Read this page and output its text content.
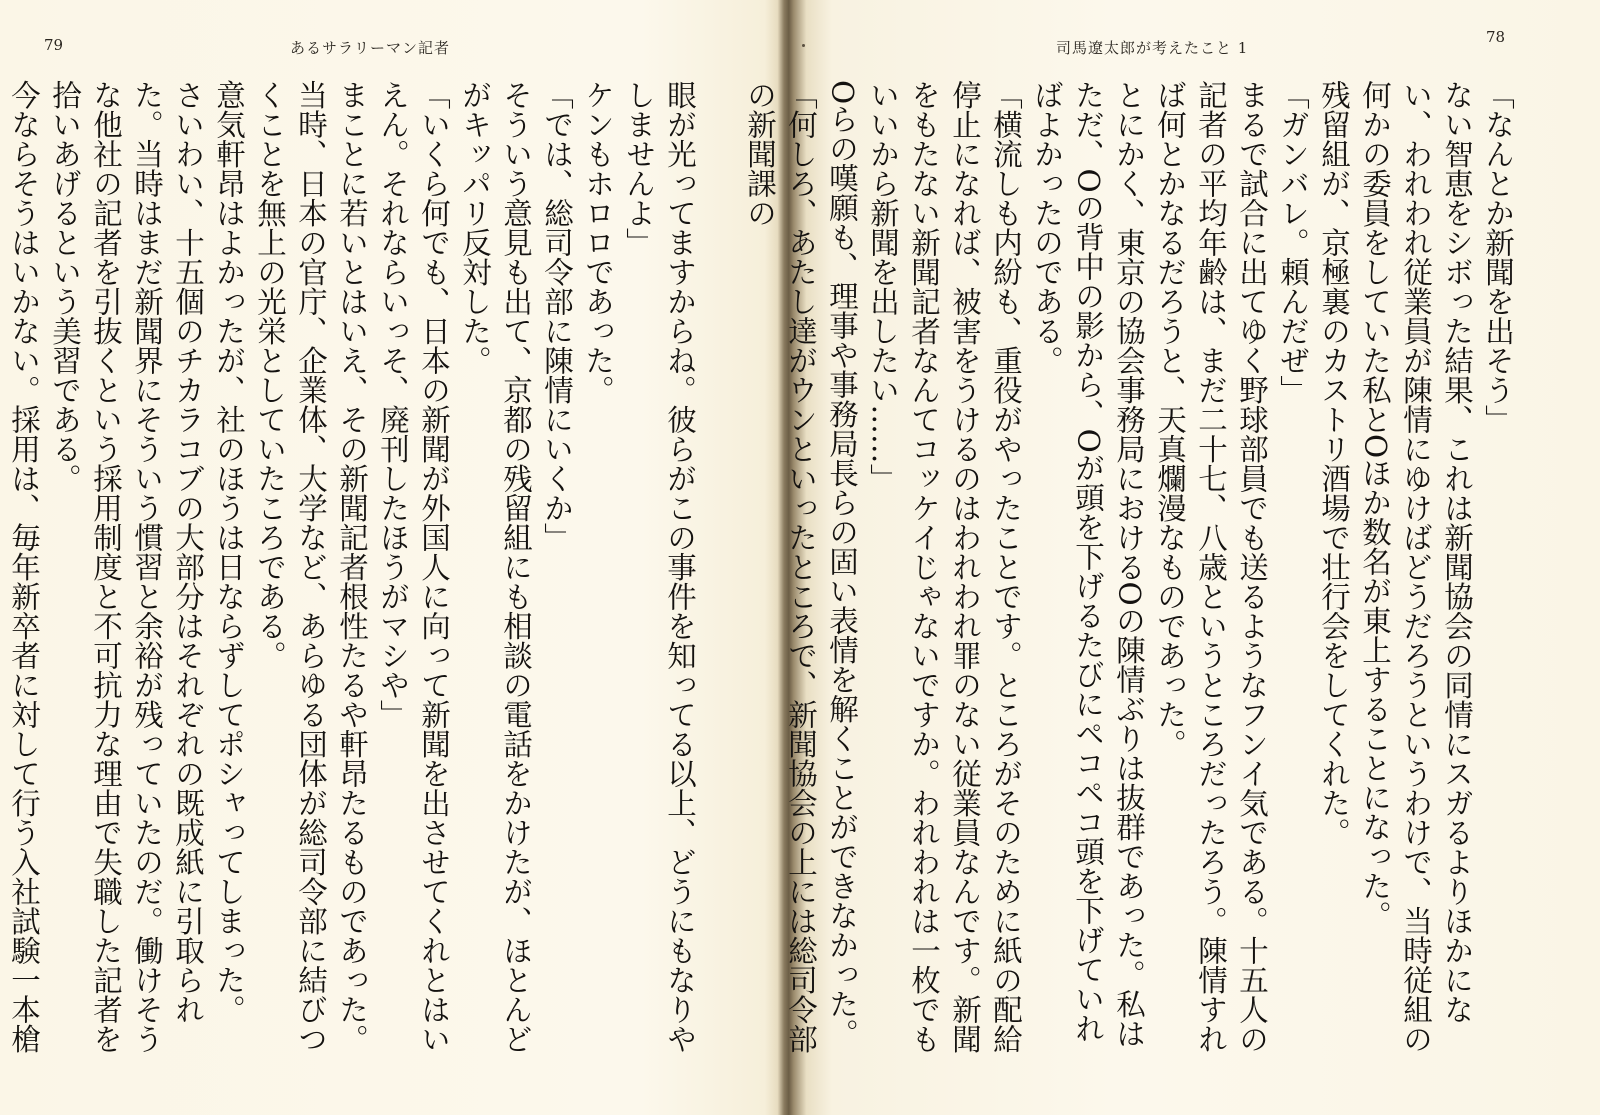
79	あるサラリーマン記者

眼が光ってますからね。彼らがこの事件を知ってる以上、どうにもなりやしませんよ」

ケンもホロロであった。

「では、総司令部に陳情にいくか」

そういう意見も出て、京都の残留組にも相談の電話をかけたが、ほとんどがキッパリ反対した。

「いくら何でも、日本の新聞が外国人に向って新聞を出させてくれとはいえん。それならいっそ、廃刊したほうがマシや」

まことに若いとはいえ、その新聞記者根性たるや軒昂たるものであった。当時、日本の官庁、企業体、大学など、あらゆる団体が総司令部に結びつくことを無上の光栄としていたころである。

意気軒昂はよかったが、社のほうは日ならずしてポシャってしまった。

さいわい、十五個のチカラコブの大部分はそれぞれの既成紙に引取られた。当時はまだ新聞界にそういう慣習と余裕が残っていたのだ。働けそうな他社の記者を引抜くという採用制度と不可抗力な理由で失職した記者を拾いあげるという美習である。

今ならそうはいかない。採用は、毎年新卒者に対して行う入社試験一本槍

司馬遼太郎が考えたこと 1
78

「なんとか新聞を出そう」

ない智恵をシボった結果、これは新聞協会の同情にスガるよりほかにない、われわれ従業員が陳情にゆけばどうだろうというわけで、当時従組の何かの委員をしていた私とOほか数名が東上することになった。

残留組が、京極裏のカストリ酒場で壮行会をしてくれた。

「ガンバレ。頼んだぜ」

まるで試合に出てゆく野球部員でも送るようなフンイ気である。十五人の記者の平均年齢は、まだ二十七、八歳というところだったろう。陳情すれば何とかなるだろうと、天真爛漫なものであった。

とにかく、東京の協会事務局におけるOの陳情ぶりは抜群であった。私はただ、Oの背中の影から、Oが頭を下げるたびにペコペコ頭を下げていればよかったのである。

「横流しも内紛も、重役がやったことです。ところがそのために紙の配給停止になれば、被害をうけるのはわれわれ罪のない従業員なんです。新聞をもたない新聞記者なんてコッケイじゃないですか。われわれは一枚でもいいから新聞を出したい……」

Oらの嘆願も、理事や事務局長らの固い表情を解くことができなかった。

「何しろ、あたし達がウンといったところで、新聞協会の上には総司令部の新聞課の
